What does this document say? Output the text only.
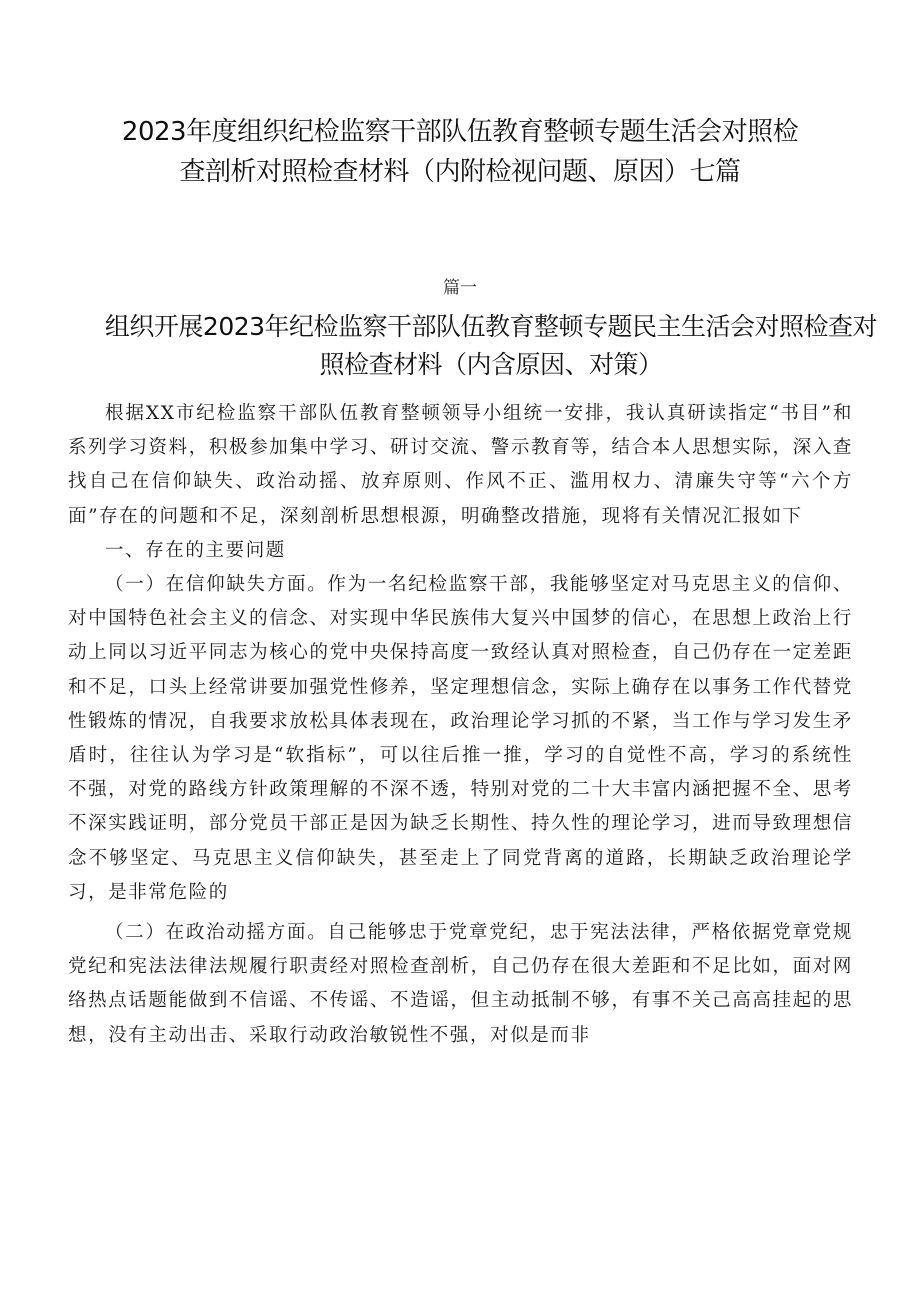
2023年度组织纪检监察干部队伍教育整顿专题生活会对照检查剖析对照检查材料（内附检视问题、原因）七篇
篇一
组织开展2023年纪检监察干部队伍教育整顿专题民主生活会对照检查对照检查材料（内含原因、对策）

根据XX市纪检监察干部队伍教育整顿领导小组统一安排，我认真研读指定“书目”和系列学习资料，积极参加集中学习、研讨交流、警示教育等，结合本人思想实际，深入查找自己在信仰缺失、政治动摇、放弃原则、作风不正、滥用权力、清廉失守等“六个方面”存在的问题和不足，深刻剖析思想根源，明确整改措施，现将有关情况汇报如下

一、存在的主要问题

（一）在信仰缺失方面。作为一名纪检监察干部，我能够坚定对马克思主义的信仰、对中国特色社会主义的信念、对实现中华民族伟大复兴中国梦的信心，在思想上政治上行动上同以习近平同志为核心的党中央保持高度一致经认真对照检查，自己仍存在一定差距和不足，口头上经常讲要加强党性修养，坚定理想信念，实际上确存在以事务工作代替党性锻炼的情况，自我要求放松具体表现在，政治理论学习抓的不紧，当工作与学习发生矛盾时，往往认为学习是“软指标”，可以往后推一推，学习的自觉性不高，学习的系统性不强，对党的路线方针政策理解的不深不透，特别对党的二十大丰富内涵把握不全、思考不深实践证明，部分党员干部正是因为缺乏长期性、持久性的理论学习，进而导致理想信念不够坚定、马克思主义信仰缺失，甚至走上了同党背离的道路，长期缺乏政治理论学习，是非常危险的

（二）在政治动摇方面。自己能够忠于党章党纪，忠于宪法法律，严格依据党章党规党纪和宪法法律法规履行职责经对照检查剖析，自己仍存在很大差距和不足比如，面对网络热点话题能做到不信谣、不传谣、不造谣，但主动抵制不够，有事不关己高高挂起的思想，没有主动出击、采取行动政治敏锐性不强，对似是而非
